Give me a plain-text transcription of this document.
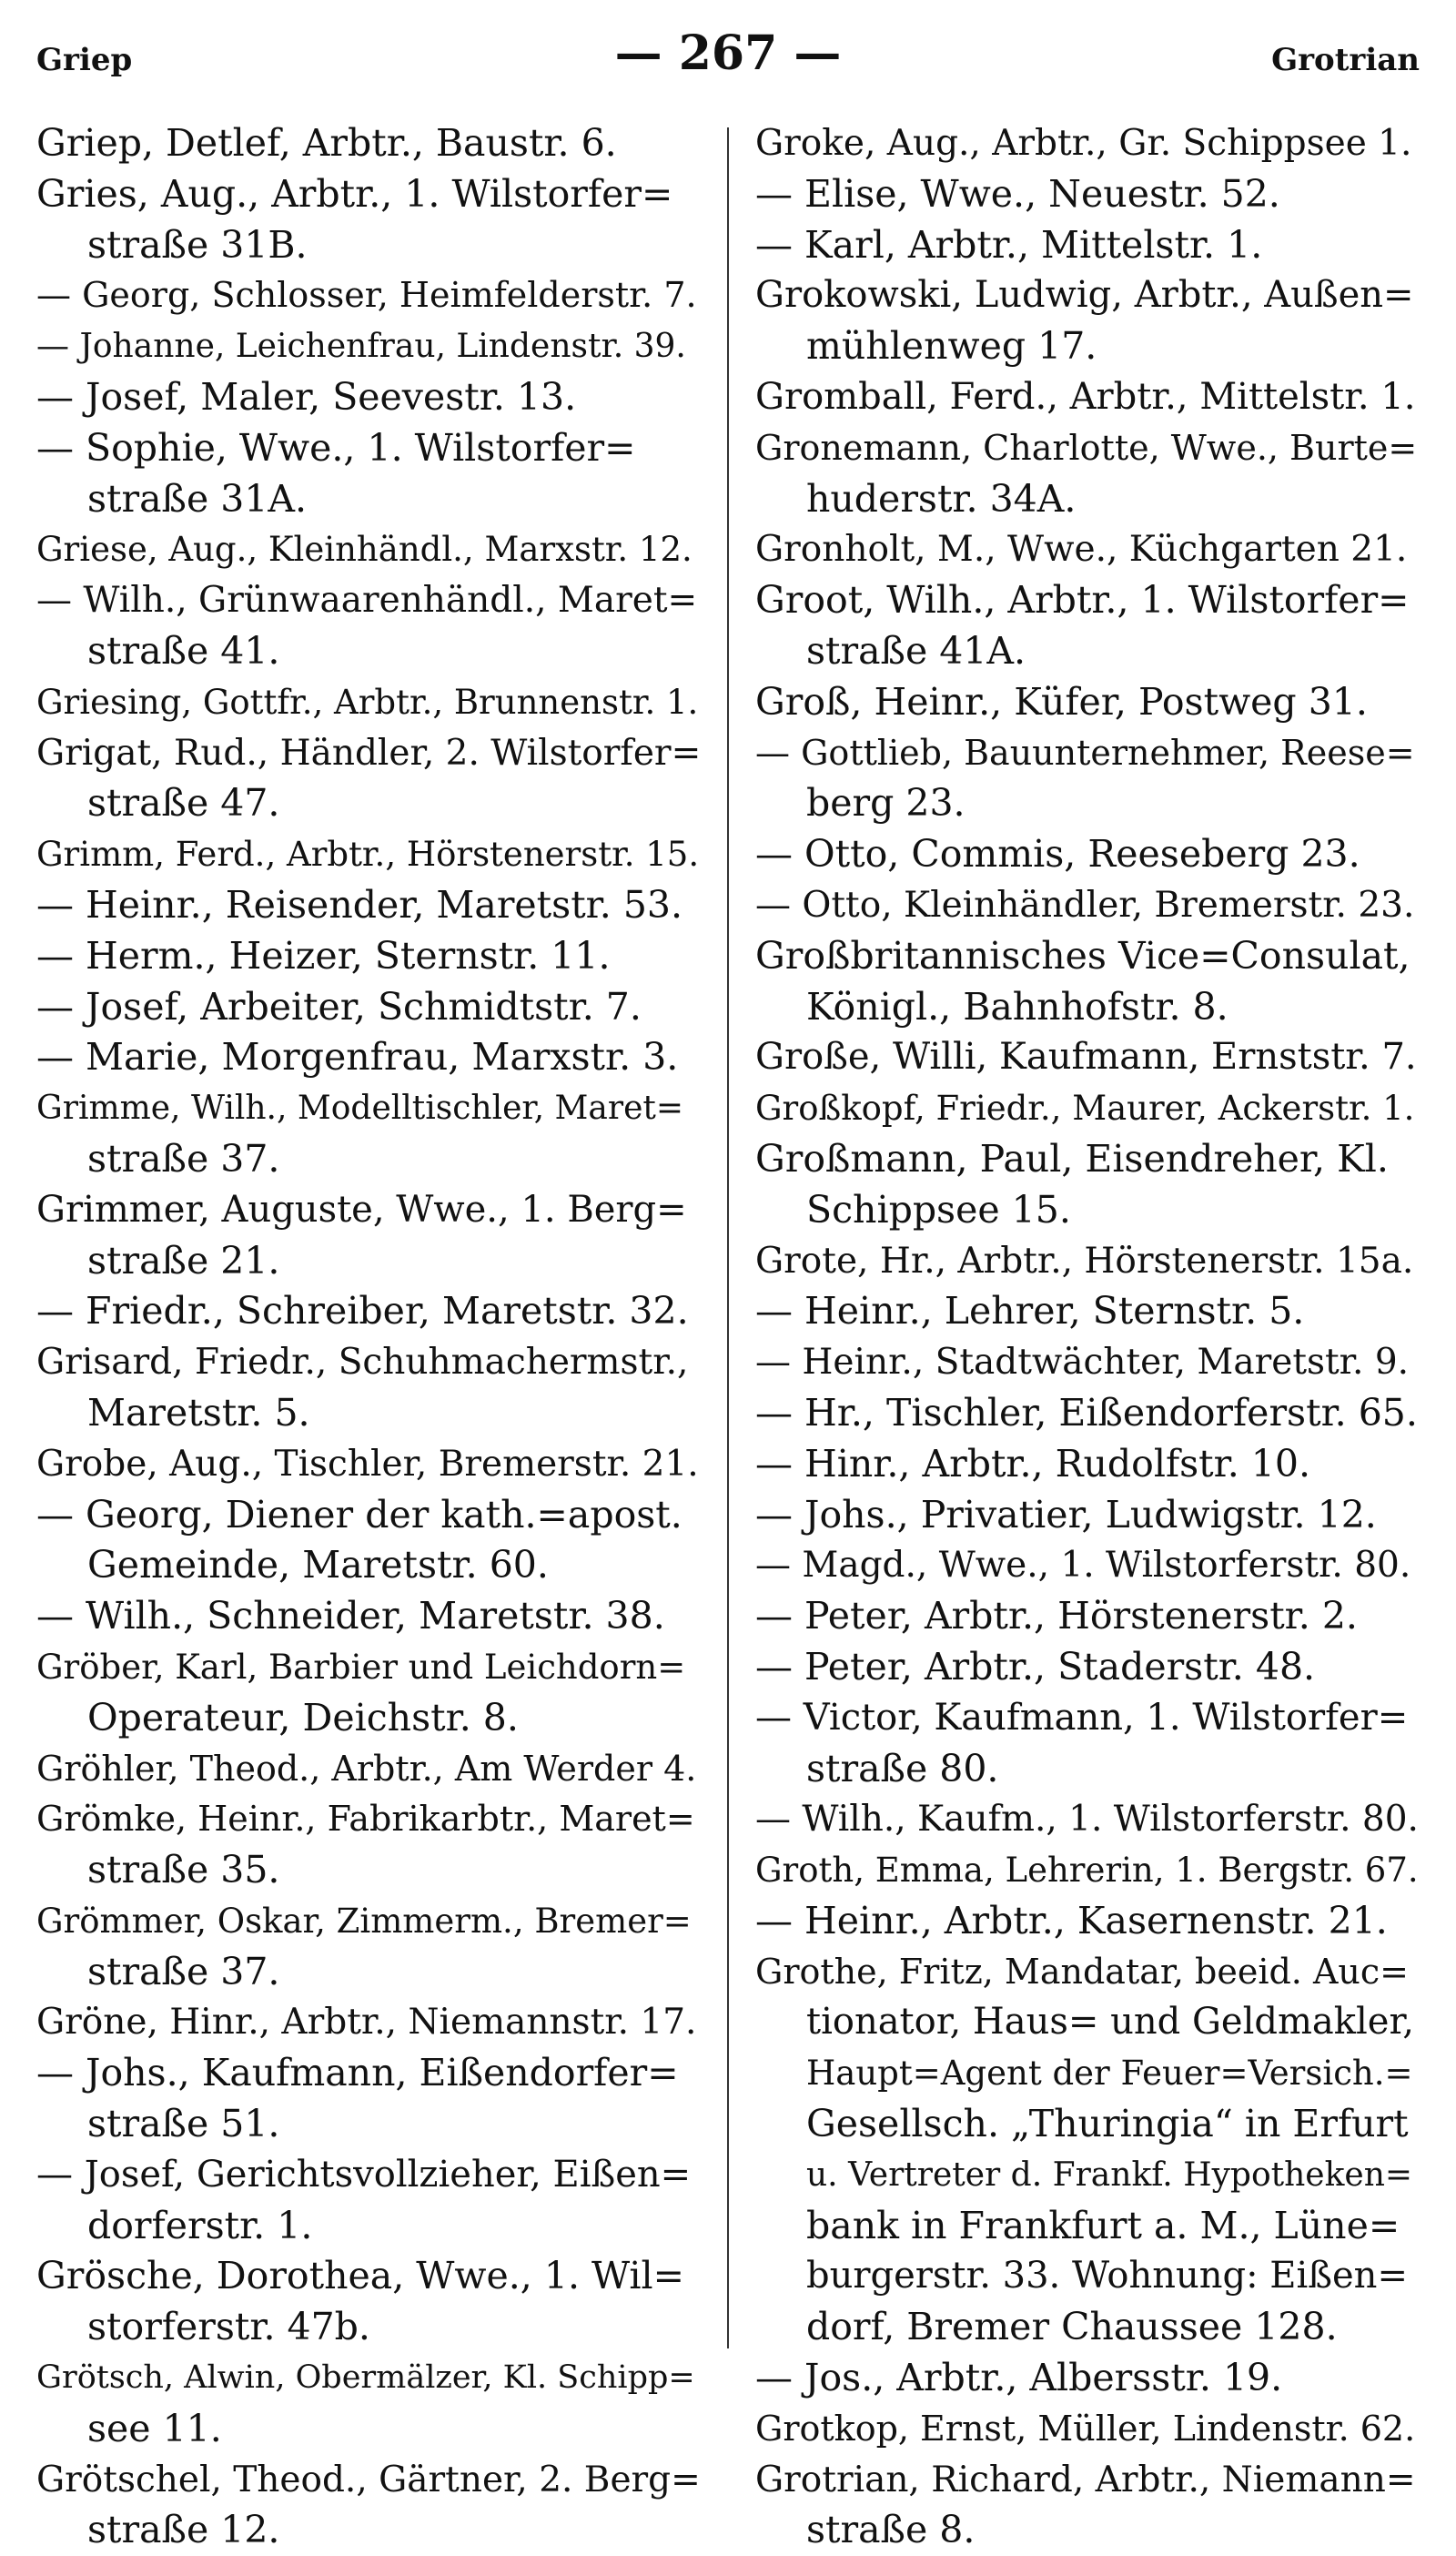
Griep	— 267 —	Grotrian
Griep, Detlef, Arbtr., Baustr. 6.
Gries, Aug., Arbtr., 1. Wilstorfer=
straße 31B.
— Georg, Schlosser, Heimfelderstr. 7.
— Johanne, Leichenfrau, Lindenstr. 39.
— Josef, Maler, Seevestr. 13.
— Sophie, Wwe., 1. Wilstorfer=
straße 31A.
Griese, Aug., Kleinhändl., Marxstr. 12.
— Wilh., Grünwaarenhändl., Maret=
straße 41.
Griesing, Gottfr., Arbtr., Brunnenstr. 1.
Grigat, Rud., Händler, 2. Wilstorfer=
straße 47.
Grimm, Ferd., Arbtr., Hörstenerstr. 15.
— Heinr., Reisender, Maretstr. 53.
— Herm., Heizer, Sternstr. 11.
— Josef, Arbeiter, Schmidtstr. 7.
— Marie, Morgenfrau, Marxstr. 3.
Grimme, Wilh., Modelltischler, Maret=
straße 37.
Grimmer, Auguste, Wwe., 1. Berg=
straße 21.
— Friedr., Schreiber, Maretstr. 32.
Grisard, Friedr., Schuhmachermstr.,
Maretstr. 5.
Grobe, Aug., Tischler, Bremerstr. 21.
— Georg, Diener der kath.=apost.
Gemeinde, Maretstr. 60.
— Wilh., Schneider, Maretstr. 38.
Gröber, Karl, Barbier und Leichdorn=
Operateur, Deichstr. 8.
Gröhler, Theod., Arbtr., Am Werder 4.
Grömke, Heinr., Fabrikarbtr., Maret=
straße 35.
Grömmer, Oskar, Zimmerm., Bremer=
straße 37.
Gröne, Hinr., Arbtr., Niemannstr. 17.
— Johs., Kaufmann, Eißendorfer=
straße 51.
— Josef, Gerichtsvollzieher, Eißen=
dorferstr. 1.
Grösche, Dorothea, Wwe., 1. Wil=
storferstr. 47b.
Grötsch, Alwin, Obermälzer, Kl. Schipp=
see 11.
Grötschel, Theod., Gärtner, 2. Berg=
straße 12.
Groke, Aug., Arbtr., Gr. Schippsee 1.
— Elise, Wwe., Neuestr. 52.
— Karl, Arbtr., Mittelstr. 1.
Grokowski, Ludwig, Arbtr., Außen=
mühlenweg 17.
Gromball, Ferd., Arbtr., Mittelstr. 1.
Gronemann, Charlotte, Wwe., Burte=
huderstr. 34A.
Gronholt, M., Wwe., Küchgarten 21.
Groot, Wilh., Arbtr., 1. Wilstorfer=
straße 41A.
Groß, Heinr., Küfer, Postweg 31.
— Gottlieb, Bauunternehmer, Reese=
berg 23.
— Otto, Commis, Reeseberg 23.
— Otto, Kleinhändler, Bremerstr. 23.
Großbritannisches Vice=Consulat,
Königl., Bahnhofstr. 8.
Große, Willi, Kaufmann, Ernststr. 7.
Großkopf, Friedr., Maurer, Ackerstr. 1.
Großmann, Paul, Eisendreher, Kl.
Schippsee 15.
Grote, Hr., Arbtr., Hörstenerstr. 15a.
— Heinr., Lehrer, Sternstr. 5.
— Heinr., Stadtwächter, Maretstr. 9.
— Hr., Tischler, Eißendorferstr. 65.
— Hinr., Arbtr., Rudolfstr. 10.
— Johs., Privatier, Ludwigstr. 12.
— Magd., Wwe., 1. Wilstorferstr. 80.
— Peter, Arbtr., Hörstenerstr. 2.
— Peter, Arbtr., Staderstr. 48.
— Victor, Kaufmann, 1. Wilstorfer=
straße 80.
— Wilh., Kaufm., 1. Wilstorferstr. 80.
Groth, Emma, Lehrerin, 1. Bergstr. 67.
— Heinr., Arbtr., Kasernenstr. 21.
Grothe, Fritz, Mandatar, beeid. Auc=
tionator, Haus= und Geldmakler,
Haupt=Agent der Feuer=Versich.=
Gesellsch. „Thuringia“ in Erfurt
u. Vertreter d. Frankf. Hypotheken=
bank in Frankfurt a. M., Lüne=
burgerstr. 33. Wohnung: Eißen=
dorf, Bremer Chaussee 128.
— Jos., Arbtr., Albersstr. 19.
Grotkop, Ernst, Müller, Lindenstr. 62.
Grotrian, Richard, Arbtr., Niemann=
straße 8.
